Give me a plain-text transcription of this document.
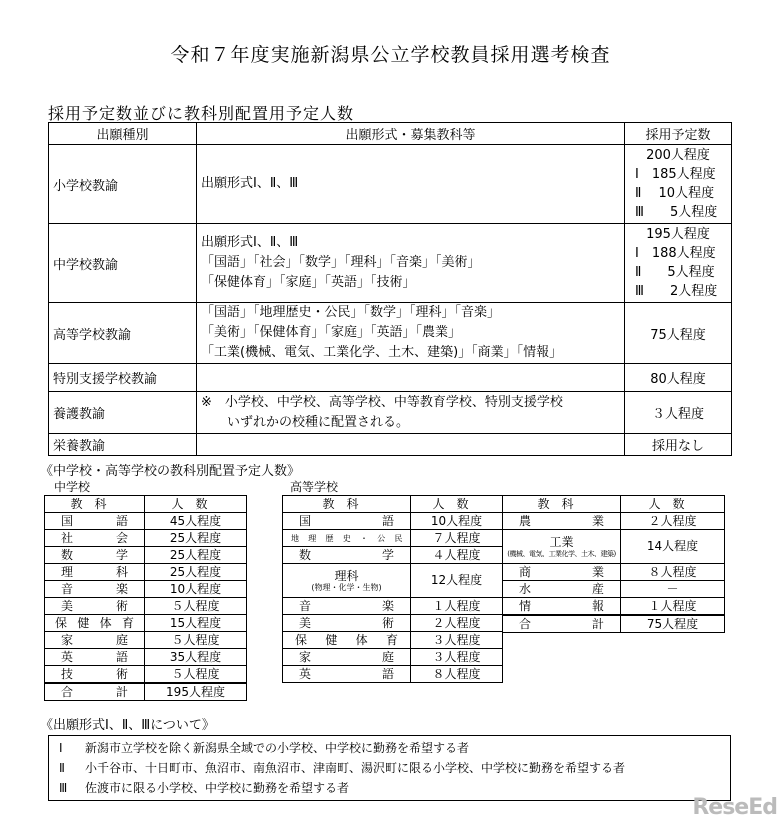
令和７年度実施新潟県公立学校教員採用選考検査
採用予定数並びに教科別配置用予定人数
出願種別	出願形式・募集教科等	採用予定数
小学校教諭	出願形式Ⅰ、Ⅱ、Ⅲ	200人程度
Ⅰ　185人程度
Ⅱ　 10人程度
Ⅲ　　5人程度

中学校教諭	出願形式Ⅰ、Ⅱ、Ⅲ
「国語」「社会」「数学」「理科」「音楽」「美術」
「保健体育」「家庭」「英語」「技術」	195人程度
Ⅰ　188人程度
Ⅱ　　5人程度
Ⅲ　　2人程度

高等学校教諭	「国語」「地理歴史・公民」「数学」「理科」「音楽」
「美術」「保健体育」「家庭」「英語」「農業」
「工業(機械、電気、工業化学、土木、建築)」「商業」「情報」	75人程度
特別支援学校教諭		80人程度
養護教諭	※　小学校、中学校、高等学校、中等教育学校、特別支援学校
　　いずれかの校種に配置される。	３人程度
栄養教諭		採用なし
《中学校・高等学校の教科別配置予定人数》
中学校	高等学校
教科	人数
国語	45人程度
社会	25人程度
数学	25人程度
理科	25人程度
音楽	10人程度
美術	５人程度
保健体育	15人程度
家庭	５人程度
英語	35人程度
技術	５人程度
合計	195人程度
教科	人数
国語	10人程度
地理歴史・公民	７人程度
数学	４人程度

理科
(物理・化学・生物)	12人程度
音楽	１人程度
美術	２人程度
保健体育	３人程度
家庭	３人程度
英語	８人程度
教科	人数
農業	２人程度

工業
(機械、電気、工業化学、土木、建築)	14人程度
商業	８人程度
水産	－
情報	１人程度
合計	75人程度
《出願形式Ⅰ、Ⅱ、Ⅲについて》
Ⅰ 新潟市立学校を除く新潟県全域での小学校、中学校に勤務を希望する者
Ⅱ 小千谷市、十日町市、魚沼市、南魚沼市、津南町、湯沢町に限る小学校、中学校に勤務を希望する者
Ⅲ 佐渡市に限る小学校、中学校に勤務を希望する者
ReseEd
